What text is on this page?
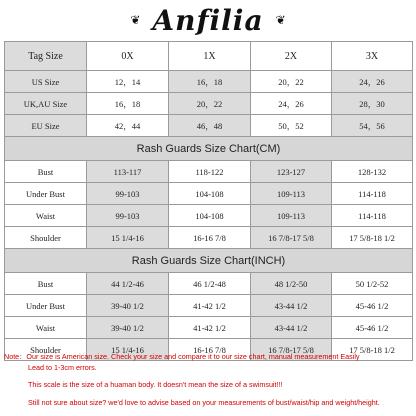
❦ Anfilia ❦
Tag Size	0X	1X	2X	3X
US Size	12，14	16，18	20，22	24，26
UK,AU Size	16，18	20，22	24，26	28，30
EU Size	42，44	46，48	50，52	54，56
Rash Guards Size Chart(CM)				
Bust	113-117	118-122	123-127	128-132
Under Bust	99-103	104-108	109-113	114-118
Waist	99-103	104-108	109-113	114-118
Shoulder	15 1/4-16	16-16 7/8	16 7/8-17 5/8	17 5/8-18 1/2
Rash Guards Size Chart(INCH)				
Bust	44 1/2-46	46 1/2-48	48 1/2-50	50 1/2-52
Under Bust	39-40 1/2	41-42 1/2	43-44 1/2	45-46 1/2
Waist	39-40 1/2	41-42 1/2	43-44 1/2	45-46 1/2
Shoulder	15 1/4-16	16-16 7/8	16 7/8-17 5/8	17 5/8-18 1/2
Note：Our size is American size. Check your size and compare it to our size chart, manual measurement Easily
Lead to 1-3cm errors.
This scale is the size of a huaman body. It doesn't mean the size of a swimsuit!!!
Still not sure about size? we'd love to advise based on your measurements of bust/waist/hip and weight/height.
